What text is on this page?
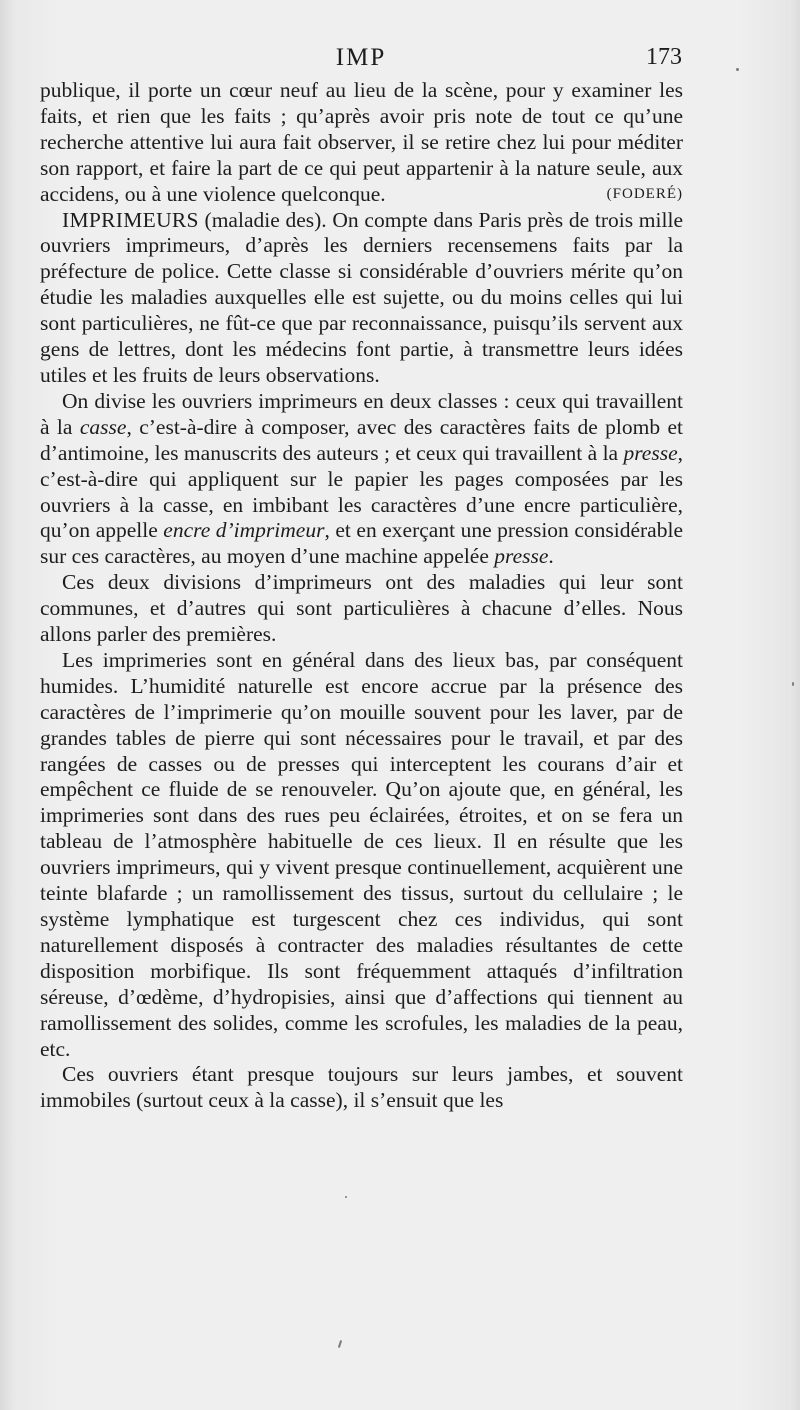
IMP	173

publique, il porte un cœur neuf au lieu de la scène, pour y examiner les faits, et rien que les faits ; qu’après avoir pris note de tout ce qu’une recherche attentive lui aura fait observer, il se retire chez lui pour méditer son rapport, et faire la part de ce qui peut appartenir à la nature seule, aux accidens, ou à une violence quelconque.	(FODERÉ)

IMPRIMEURS (maladie des). On compte dans Paris près de trois mille ouvriers imprimeurs, d’après les derniers recensemens faits par la préfecture de police. Cette classe si considérable d’ouvriers mérite qu’on étudie les maladies auxquelles elle est sujette, ou du moins celles qui lui sont particulières, ne fût-ce que par reconnaissance, puisqu’ils servent aux gens de lettres, dont les médecins font partie, à transmettre leurs idées utiles et les fruits de leurs observations.

On divise les ouvriers imprimeurs en deux classes : ceux qui travaillent à la casse, c’est-à-dire à composer, avec des caractères faits de plomb et d’antimoine, les manuscrits des auteurs ; et ceux qui travaillent à la presse, c’est-à-dire qui appliquent sur le papier les pages composées par les ouvriers à la casse, en imbibant les caractères d’une encre particulière, qu’on appelle encre d’imprimeur, et en exerçant une pression considérable sur ces caractères, au moyen d’une machine appelée presse.

Ces deux divisions d’imprimeurs ont des maladies qui leur sont communes, et d’autres qui sont particulières à chacune d’elles. Nous allons parler des premières.

Les imprimeries sont en général dans des lieux bas, par conséquent humides. L’humidité naturelle est encore accrue par la présence des caractères de l’imprimerie qu’on mouille souvent pour les laver, par de grandes tables de pierre qui sont nécessaires pour le travail, et par des rangées de casses ou de presses qui interceptent les courans d’air et empêchent ce fluide de se renouveler. Qu’on ajoute que, en général, les imprimeries sont dans des rues peu éclairées, étroites, et on se fera un tableau de l’atmosphère habituelle de ces lieux. Il en résulte que les ouvriers imprimeurs, qui y vivent presque continuellement, acquièrent une teinte blafarde ; un ramollissement des tissus, surtout du cellulaire ; le système lymphatique est turgescent chez ces individus, qui sont naturellement disposés à contracter des maladies résultantes de cette disposition morbifique. Ils sont fréquemment attaqués d’infiltration séreuse, d’œdème, d’hydropisies, ainsi que d’affections qui tiennent au ramollissement des solides, comme les scrofules, les maladies de la peau, etc.

Ces ouvriers étant presque toujours sur leurs jambes, et souvent immobiles (surtout ceux à la casse), il s’ensuit que les
